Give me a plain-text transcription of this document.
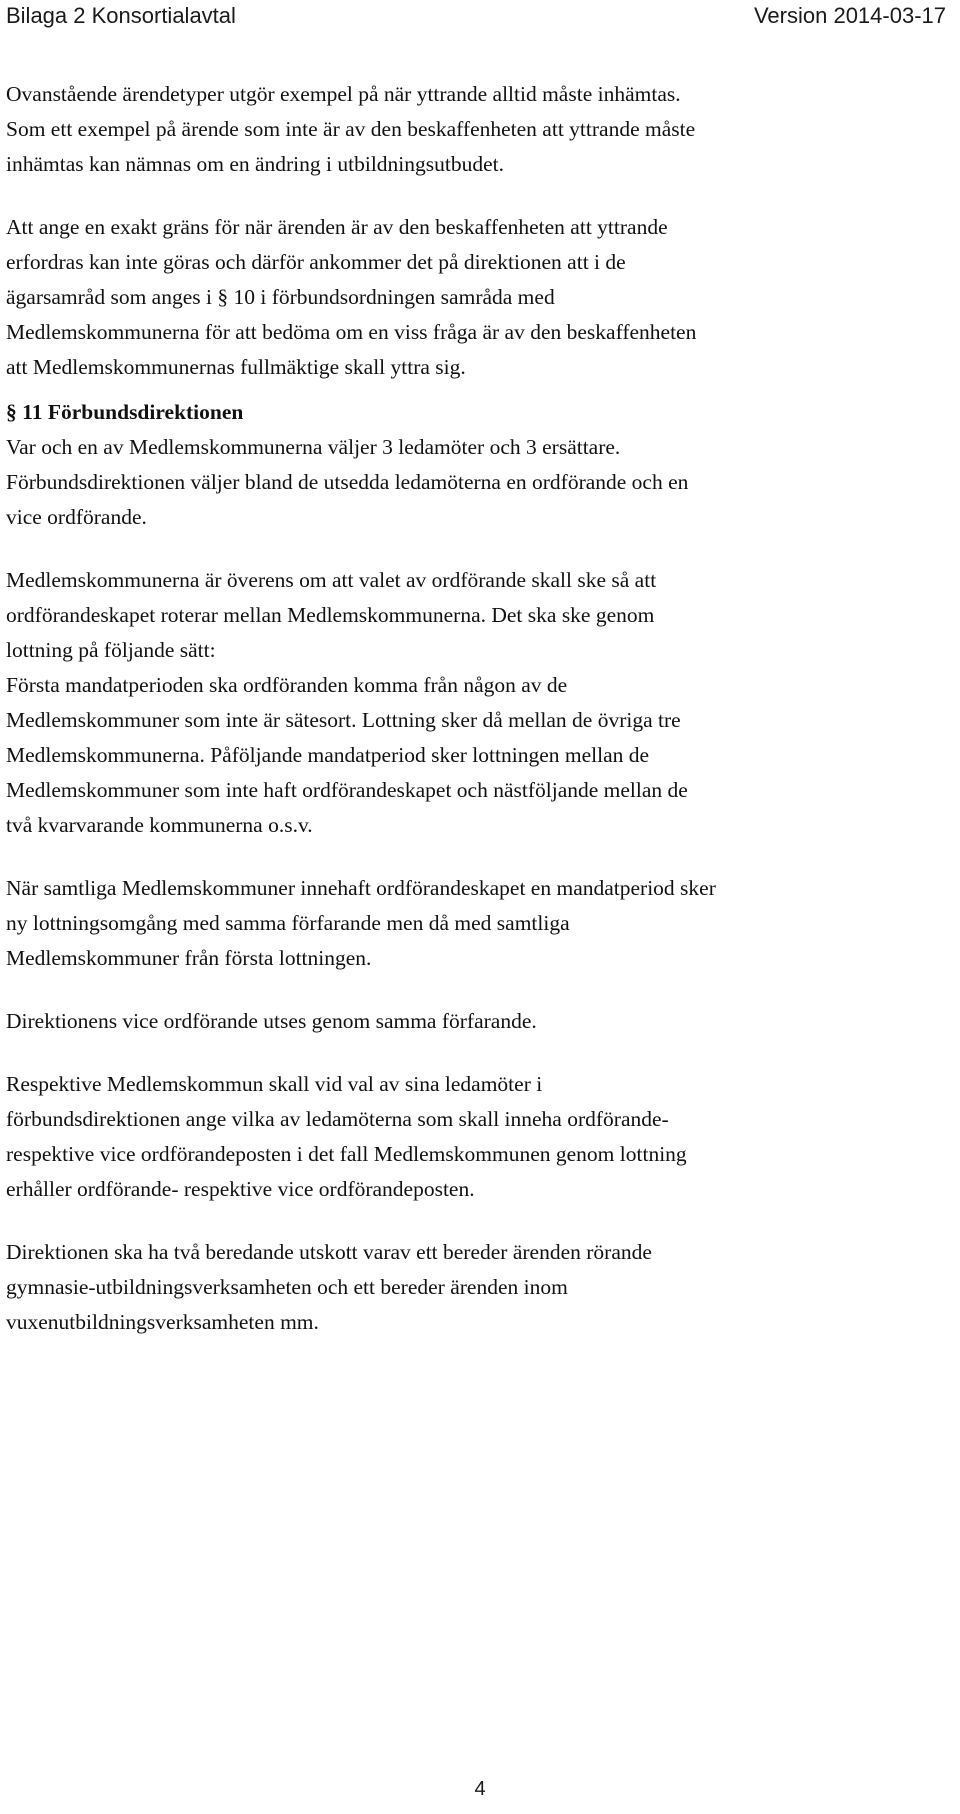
Bilaga 2 Konsortialavtal	Version 2014-03-17
Ovanstående ärendetyper utgör exempel på när yttrande alltid måste inhämtas.
Som ett exempel på ärende som inte är av den beskaffenheten att yttrande måste
inhämtas kan nämnas om en ändring i utbildningsutbudet.
Att ange en exakt gräns för när ärenden är av den beskaffenheten att yttrande
erfordras kan inte göras och därför ankommer det på direktionen att i de
ägarsamråd som anges i § 10 i förbundsordningen samråda med
Medlemskommunerna för att bedöma om en viss fråga är av den beskaffenheten
att Medlemskommunernas fullmäktige skall yttra sig.
§ 11 Förbundsdirektionen
Var och en av Medlemskommunerna väljer 3 ledamöter och 3 ersättare.
Förbundsdirektionen väljer bland de utsedda ledamöterna en ordförande och en
vice ordförande.
Medlemskommunerna är överens om att valet av ordförande skall ske så att
ordförandeskapet roterar mellan Medlemskommunerna. Det ska ske genom
lottning på följande sätt:
Första mandatperioden ska ordföranden komma från någon av de
Medlemskommuner som inte är sätesort. Lottning sker då mellan de övriga tre
Medlemskommunerna. Påföljande mandatperiod sker lottningen mellan de
Medlemskommuner som inte haft ordförandeskapet och nästföljande mellan de
två kvarvarande kommunerna o.s.v.
När samtliga Medlemskommuner innehaft ordförandeskapet en mandatperiod sker
ny lottningsomgång med samma förfarande men då med samtliga
Medlemskommuner från första lottningen.
Direktionens vice ordförande utses genom samma förfarande.
Respektive Medlemskommun skall vid val av sina ledamöter i
förbundsdirektionen ange vilka av ledamöterna som skall inneha ordförande-
respektive vice ordförandeposten i det fall Medlemskommunen genom lottning
erhåller ordförande- respektive vice ordförandeposten.
Direktionen ska ha två beredande utskott varav ett bereder ärenden rörande
gymnasie-utbildningsverksamheten och ett bereder ärenden inom
vuxenutbildningsverksamheten mm.
4
